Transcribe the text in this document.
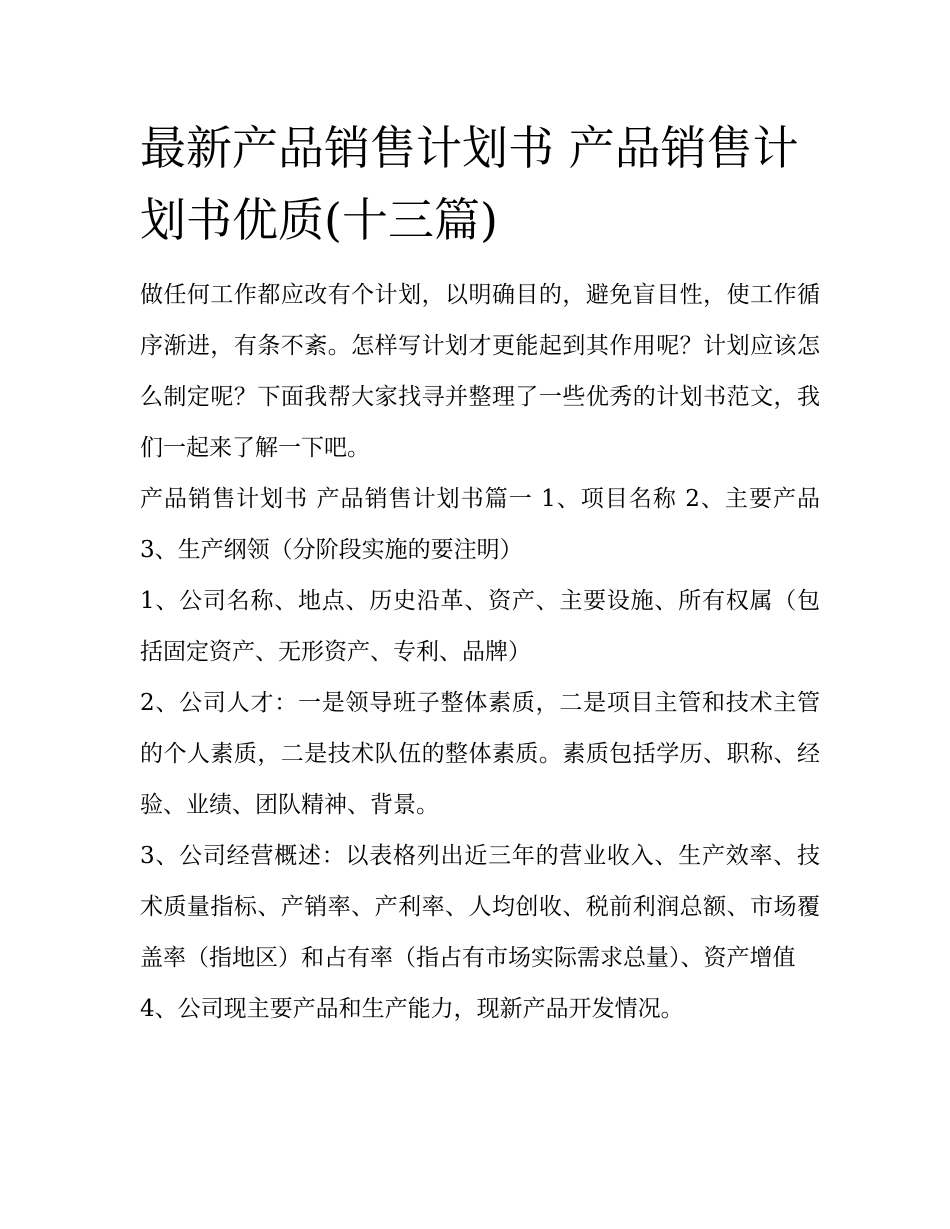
最新产品销售计划书 产品销售计划书优质(十三篇)

做任何工作都应改有个计划，以明确目的，避免盲目性，使工作循序渐进，有条不紊。怎样写计划才更能起到其作用呢？计划应该怎么制定呢？下面我帮大家找寻并整理了一些优秀的计划书范文，我们一起来了解一下吧。

产品销售计划书 产品销售计划书篇一 1、项目名称 2、主要产品 3、生产纲领（分阶段实施的要注明）

1、公司名称、地点、历史沿革、资产、主要设施、所有权属（包括固定资产、无形资产、专利、品牌）

2、公司人才：一是领导班子整体素质，二是项目主管和技术主管的个人素质，二是技术队伍的整体素质。素质包括学历、职称、经验、业绩、团队精神、背景。

3、公司经营概述：以表格列出近三年的营业收入、生产效率、技术质量指标、产销率、产利率、人均创收、税前利润总额、市场覆盖率（指地区）和占有率（指占有市场实际需求总量）、资产增值

4、公司现主要产品和生产能力，现新产品开发情况。
